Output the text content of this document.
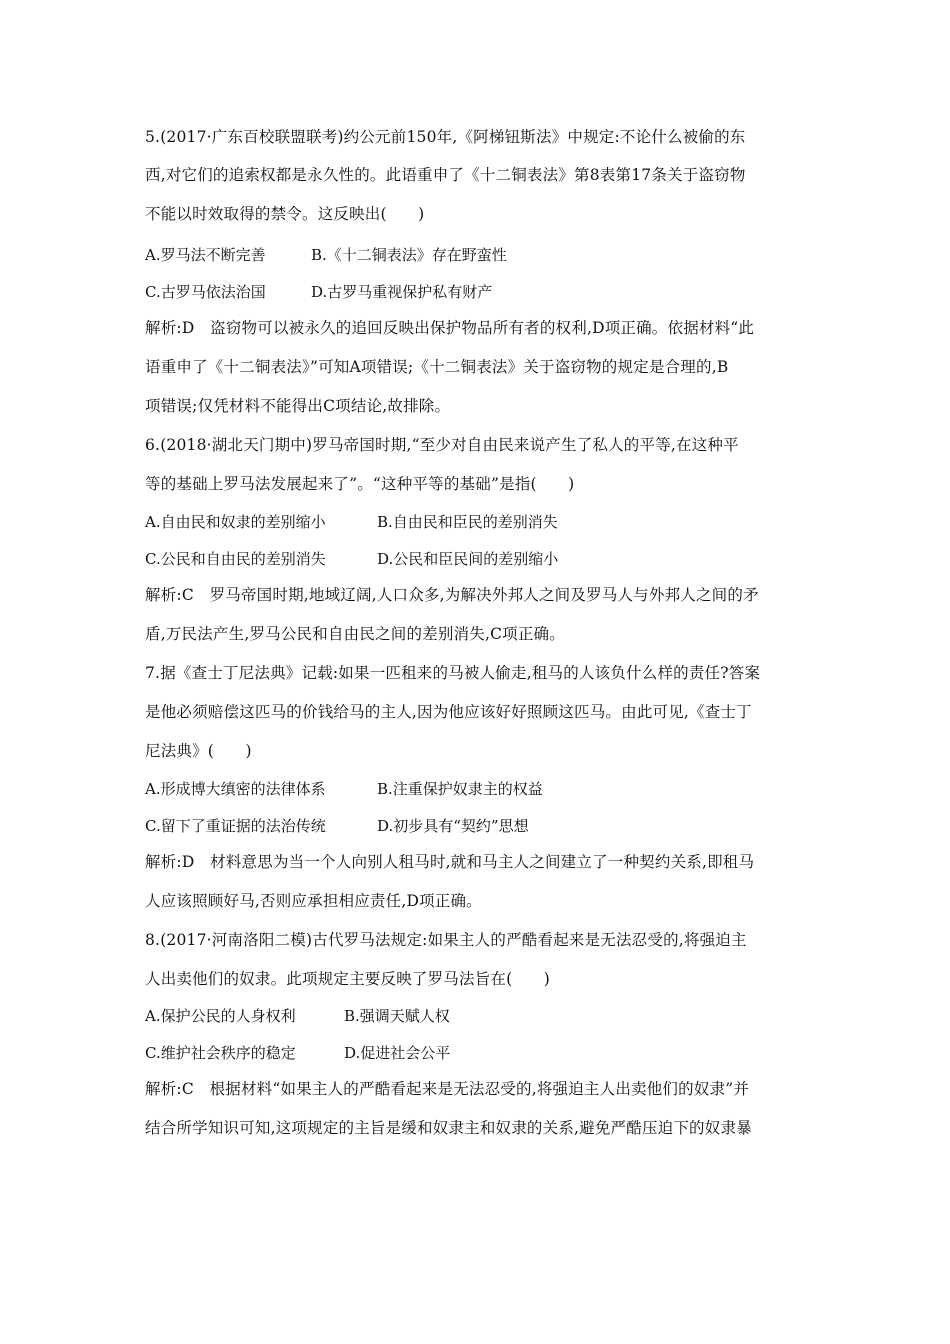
5.(2017·广东百校联盟联考)约公元前150年,《阿梯钮斯法》中规定:不论什么被偷的东
西,对它们的追索权都是永久性的。此语重申了《十二铜表法》第8表第17条关于盗窃物
不能以时效取得的禁令。这反映出(　　)
A.罗马法不断完善	B.《十二铜表法》存在野蛮性
C.古罗马依法治国	D.古罗马重视保护私有财产
解析:D　盗窃物可以被永久的追回反映出保护物品所有者的权利,D项正确。依据材料“此
语重申了《十二铜表法》”可知A项错误;《十二铜表法》关于盗窃物的规定是合理的,B
项错误;仅凭材料不能得出C项结论,故排除。
6.(2018·湖北天门期中)罗马帝国时期,“至少对自由民来说产生了私人的平等,在这种平
等的基础上罗马法发展起来了”。“这种平等的基础”是指(　　)
A.自由民和奴隶的差别缩小	B.自由民和臣民的差别消失
C.公民和自由民的差别消失	D.公民和臣民间的差别缩小
解析:C　罗马帝国时期,地域辽阔,人口众多,为解决外邦人之间及罗马人与外邦人之间的矛
盾,万民法产生,罗马公民和自由民之间的差别消失,C项正确。
7.据《查士丁尼法典》记载:如果一匹租来的马被人偷走,租马的人该负什么样的责任?答案
是他必须赔偿这匹马的价钱给马的主人,因为他应该好好照顾这匹马。由此可见,《查士丁
尼法典》(　　)
A.形成博大缜密的法律体系	B.注重保护奴隶主的权益
C.留下了重证据的法治传统	D.初步具有“契约”思想
解析:D　材料意思为当一个人向别人租马时,就和马主人之间建立了一种契约关系,即租马
人应该照顾好马,否则应承担相应责任,D项正确。
8.(2017·河南洛阳二模)古代罗马法规定:如果主人的严酷看起来是无法忍受的,将强迫主
人出卖他们的奴隶。此项规定主要反映了罗马法旨在(　　)
A.保护公民的人身权利	B.强调天赋人权
C.维护社会秩序的稳定	D.促进社会公平
解析:C　根据材料“如果主人的严酷看起来是无法忍受的,将强迫主人出卖他们的奴隶”并
结合所学知识可知,这项规定的主旨是缓和奴隶主和奴隶的关系,避免严酷压迫下的奴隶暴
